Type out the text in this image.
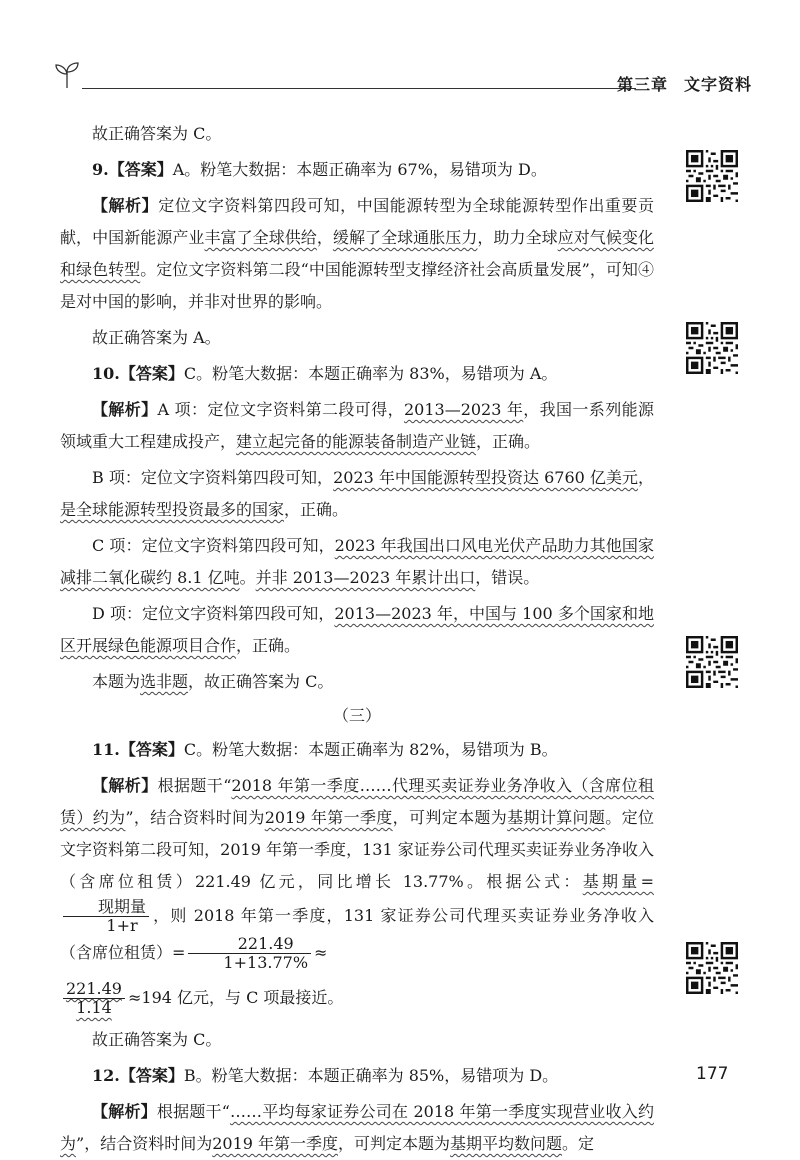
第三章 文字资料

故正确答案为 C。

9.【答案】A。粉笔大数据：本题正确率为 67%，易错项为 D。

【解析】定位文字资料第四段可知，中国能源转型为全球能源转型作出重要贡献，中国新能源产业丰富了全球供给，缓解了全球通胀压力，助力全球应对气候变化和绿色转型。定位文字资料第二段“中国能源转型支撑经济社会高质量发展”，可知④是对中国的影响，并非对世界的影响。

故正确答案为 A。

10.【答案】C。粉笔大数据：本题正确率为 83%，易错项为 A。

【解析】A 项：定位文字资料第二段可得，2013—2023 年，我国一系列能源领域重大工程建成投产，建立起完备的能源装备制造产业链，正确。

B 项：定位文字资料第四段可知，2023 年中国能源转型投资达 6760 亿美元，是全球能源转型投资最多的国家，正确。

C 项：定位文字资料第四段可知，2023 年我国出口风电光伏产品助力其他国家减排二氧化碳约 8.1 亿吨。并非 2013—2023 年累计出口，错误。

D 项：定位文字资料第四段可知，2013—2023 年，中国与 100 多个国家和地区开展绿色能源项目合作，正确。

本题为选非题，故正确答案为 C。

（三）

11.【答案】C。粉笔大数据：本题正确率为 82%，易错项为 B。

【解析】根据题干“2018 年第一季度……代理买卖证券业务净收入（含席位租赁）约为”，结合资料时间为2019 年第一季度，可判定本题为基期计算问题。定位文字资料第二段可知，2019 年第一季度，131 家证券公司代理买卖证券业务净收入（含席位租赁）221.49 亿元，同比增长 13.77%。根据公式：基期量=
$\frac{\text{现期量}}{1+r}$ ，则 2018 年第一季度，131 家证券公司代理买卖证券业务净收入（含席位租赁）= $\frac{221.49}{1+13.77\%}$ ≈

$\frac{221.49}{1.14} \approx 194$ 亿元，与 C 项最接近。

故正确答案为 C。

12.【答案】B。粉笔大数据：本题正确率为 85%，易错项为 D。

【解析】根据题干“……平均每家证券公司在 2018 年第一季度实现营业收入约为”，结合资料时间为2019 年第一季度，可判定本题为基期平均数问题。定

177
